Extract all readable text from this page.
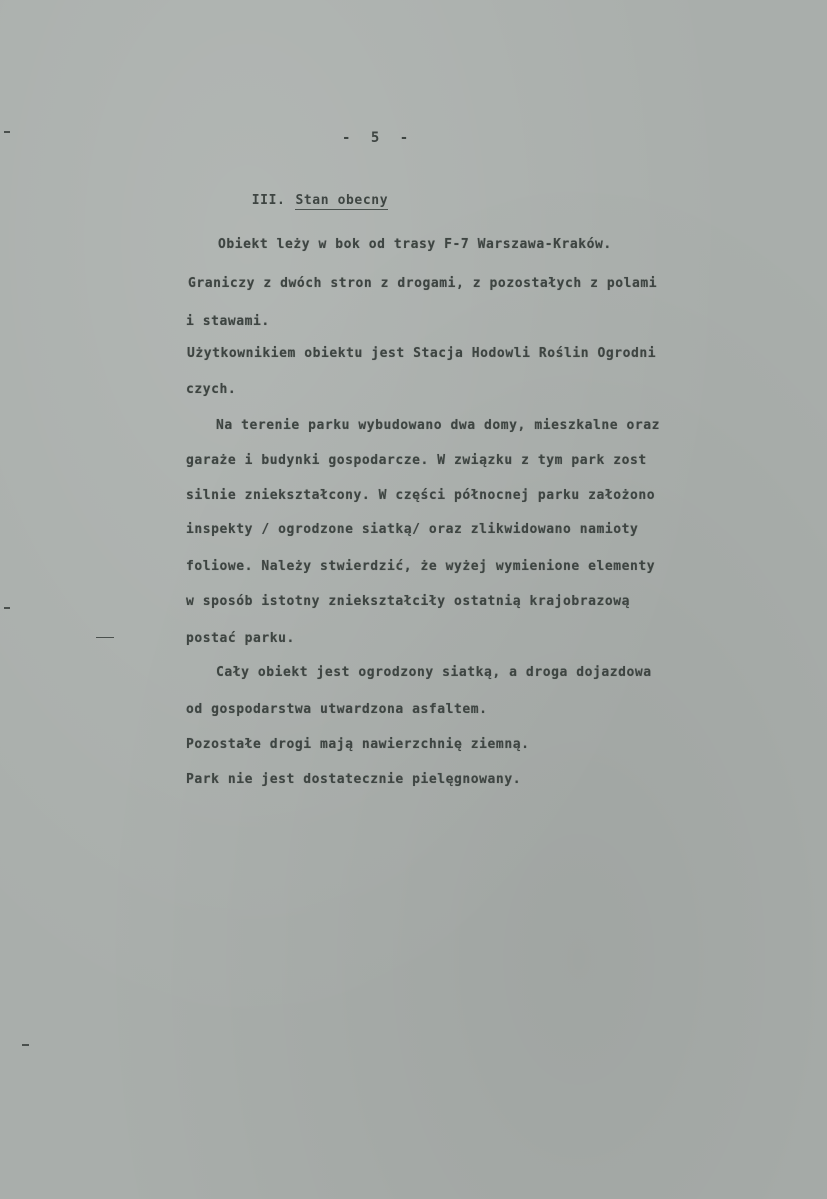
- 5 -

III. Stan obecny

Obiekt leży w bok od trasy F-7 Warszawa-Kraków.
Graniczy z dwóch stron z drogami, z pozostałych z polami
i stawami.
Użytkownikiem obiektu jest Stacja Hodowli Roślin Ogrodni
czych.
Na terenie parku wybudowano dwa domy, mieszkalne oraz
garaże i budynki gospodarcze. W związku z tym park zost
silnie zniekształcony. W części północnej parku założono
inspekty / ogrodzone siatką/ oraz zlikwidowano namioty
foliowe. Należy stwierdzić, że wyżej wymienione elementy
w sposób istotny zniekształciły ostatnią krajobrazową
postać parku.
Cały obiekt jest ogrodzony siatką, a droga dojazdowa
od gospodarstwa utwardzona asfaltem.
Pozostałe drogi mają nawierzchnię ziemną.
Park nie jest dostatecznie pielęgnowany.
